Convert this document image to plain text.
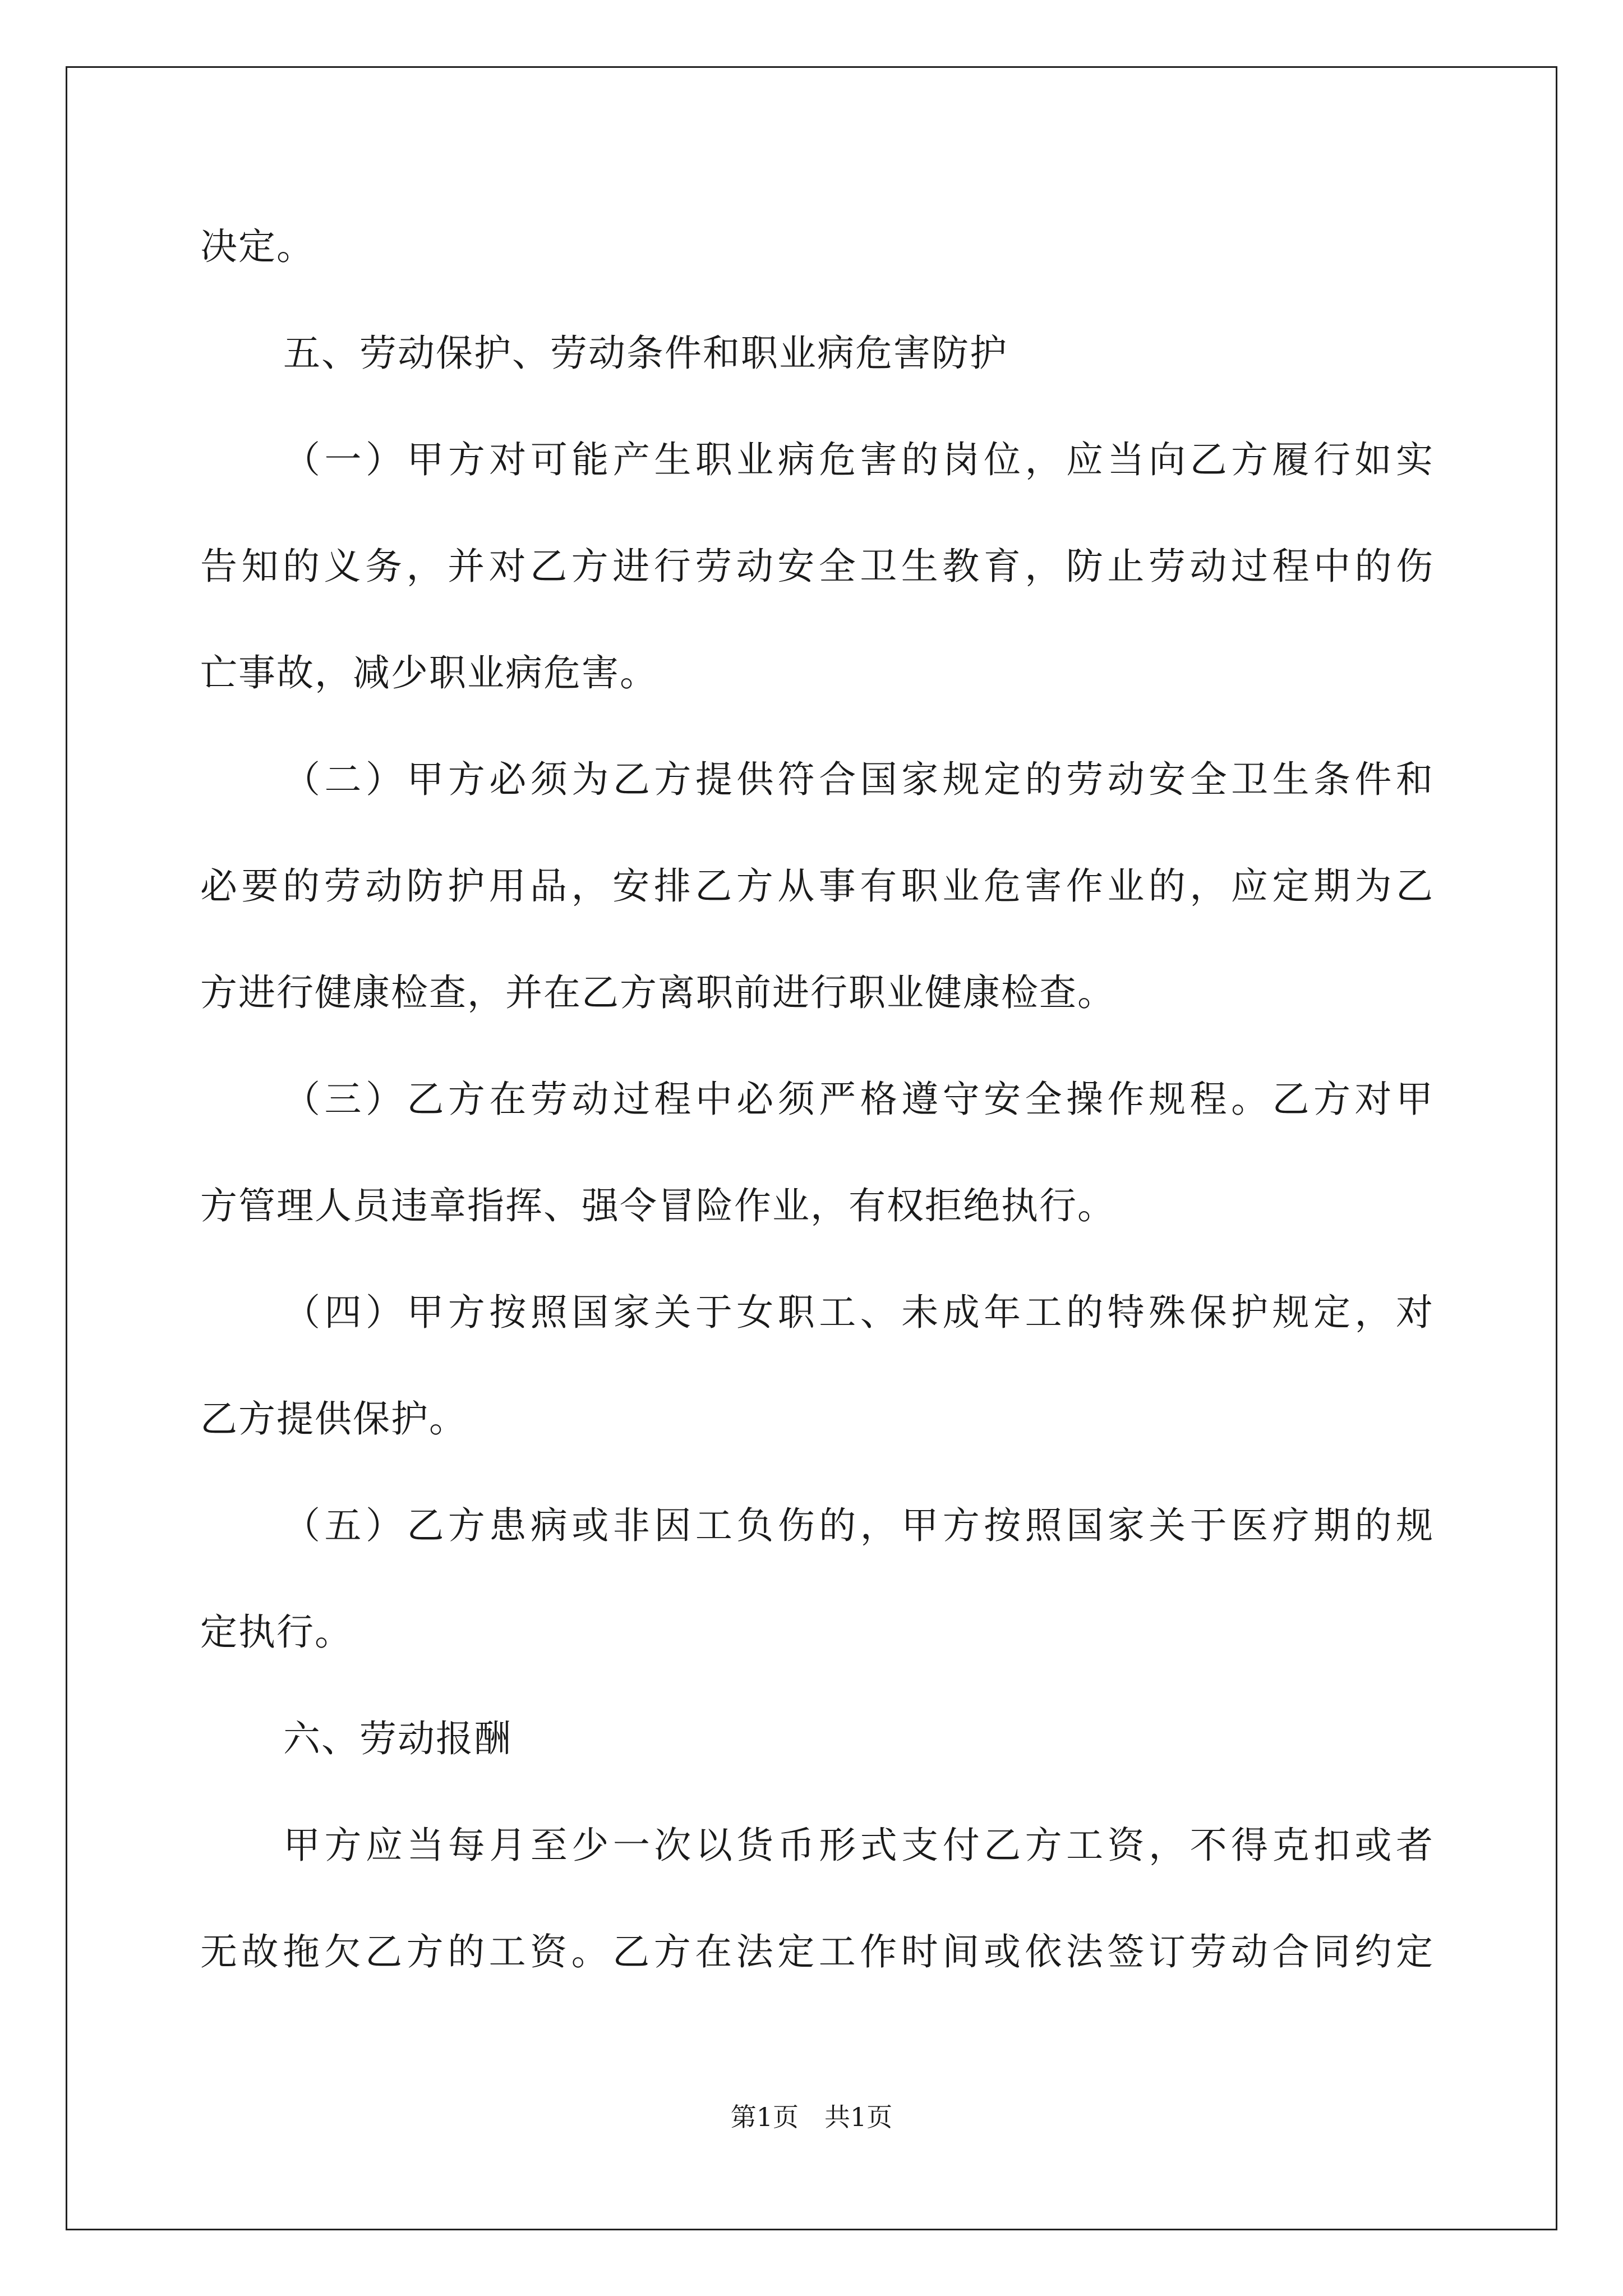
决定。
五、劳动保护、劳动条件和职业病危害防护
（一）甲方对可能产生职业病危害的岗位，应当向乙方履行如实
告知的义务，并对乙方进行劳动安全卫生教育，防止劳动过程中的伤
亡事故，减少职业病危害。
（二）甲方必须为乙方提供符合国家规定的劳动安全卫生条件和
必要的劳动防护用品，安排乙方从事有职业危害作业的，应定期为乙
方进行健康检查，并在乙方离职前进行职业健康检查。
（三）乙方在劳动过程中必须严格遵守安全操作规程。乙方对甲
方管理人员违章指挥、强令冒险作业，有权拒绝执行。
（四）甲方按照国家关于女职工、未成年工的特殊保护规定，对
乙方提供保护。
（五）乙方患病或非因工负伤的，甲方按照国家关于医疗期的规
定执行。
六、劳动报酬
甲方应当每月至少一次以货币形式支付乙方工资，不得克扣或者
无故拖欠乙方的工资。乙方在法定工作时间或依法签订劳动合同约定
第1页　共1页
